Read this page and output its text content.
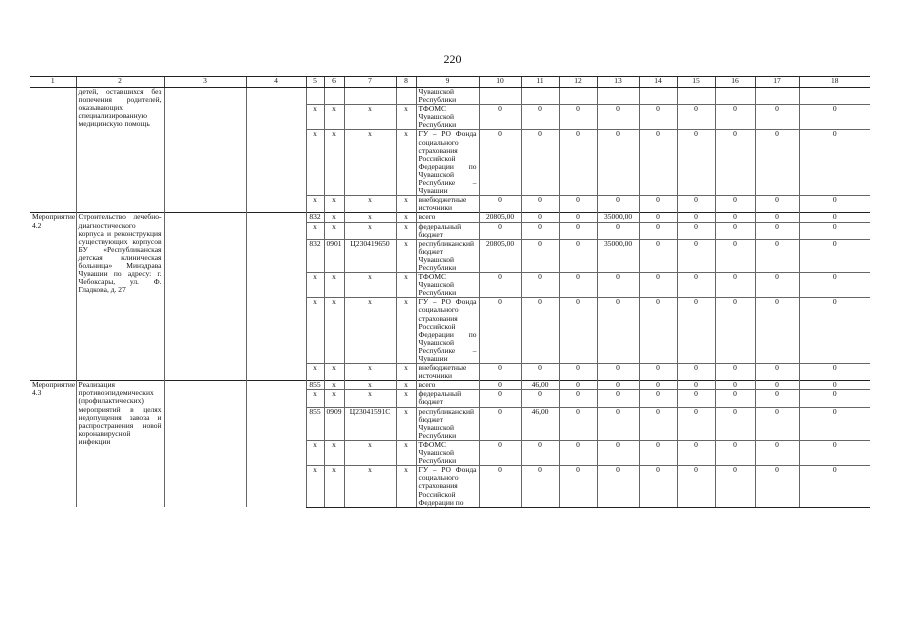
220
1	2	3	4	5	6	7	8	9	10	11	12	13	14	15	16	17	18
	детей, оставшихся без попечения родителей, оказывающих специализированную медицинскую помощь							Чувашской Республики									
				х	х	х	х	ТФОМС Чувашской Республики	0	0	0	0	0	0	0	0	0
				х	х	х	х	ГУ – РО Фонда социального страхования Российской Федерации по Чувашской Республике – Чувашии	0	0	0	0	0	0	0	0	0
				х	х	х	х	внебюджетные источники	0	0	0	0	0	0	0	0	0
Мероприятие 4.2	Строительство лечебно-диагностического корпуса и реконструкция существующих корпусов БУ «Республиканская детская клиническая больница» Минздрава Чувашии по адресу: г. Чебоксары, ул. Ф. Гладкова, д. 27			832	х	х	х	всего	20805,00	0	0	35000,00	0	0	0	0	0
				х	х	х	х	федеральный бюджет	0	0	0	0	0	0	0	0	0
				832	0901	Ц230419650	х	республиканский бюджет Чувашской Республики	20805,00	0	0	35000,00	0	0	0	0	0
				х	х	х	х	ТФОМС Чувашской Республики	0	0	0	0	0	0	0	0	0
				х	х	х	х	ГУ – РО Фонда социального страхования Российской Федерации по Чувашской Республике – Чувашии	0	0	0	0	0	0	0	0	0
				х	х	х	х	внебюджетные источники	0	0	0	0	0	0	0	0	0
Мероприятие 4.3	Реализация противоэпидемических (профилактических) мероприятий в целях недопущения завоза и распространения новой коронавирусной инфекции			855	х	х	х	всего	0	46,00	0	0	0	0	0	0	0
				х	х	х	х	федеральный бюджет	0	0	0	0	0	0	0	0	0
				855	0909	Ц23041591С	х	республиканский бюджет Чувашской Республики	0	46,00	0	0	0	0	0	0	0
				х	х	х	х	ТФОМС Чувашской Республики	0	0	0	0	0	0	0	0	0
				х	х	х	х	ГУ – РО Фонда социального страхования Российской Федерации по	0	0	0	0	0	0	0	0	0
